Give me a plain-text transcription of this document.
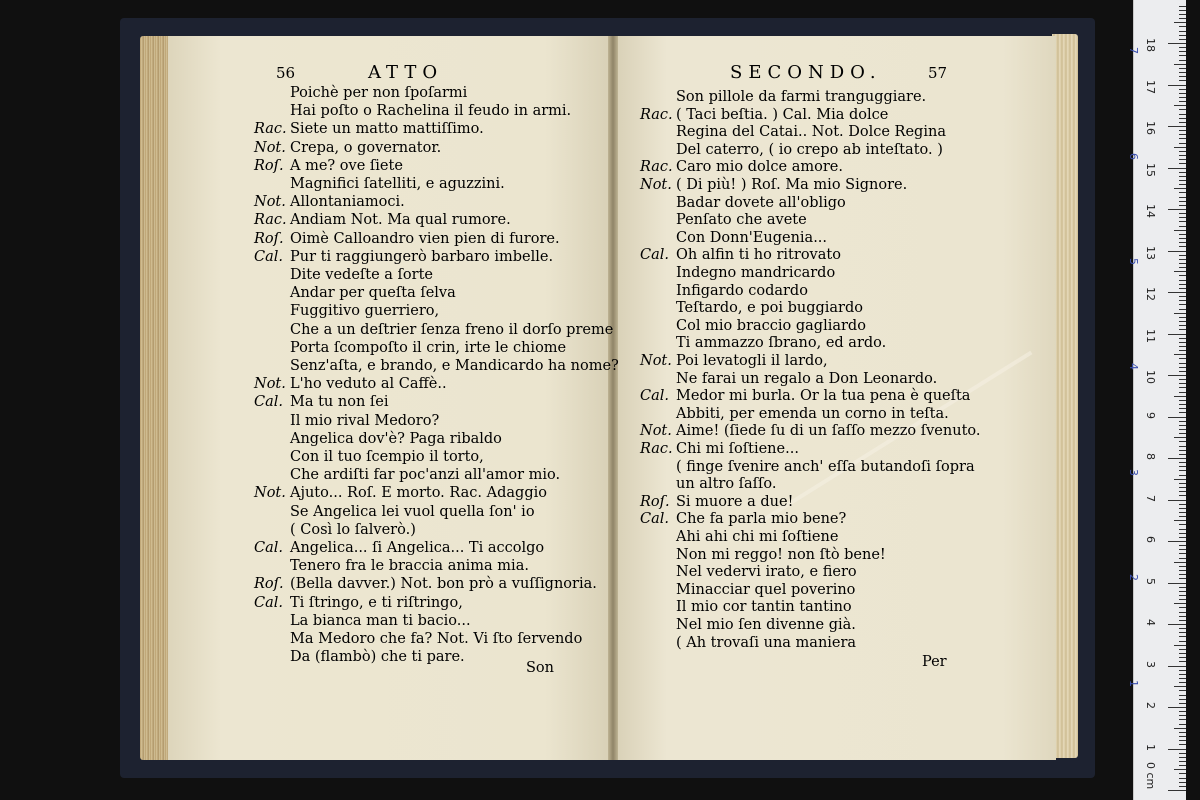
56	ATTO	SECONDO.	57
Poichè per non ſpoſarmi
Hai poſto o Rachelina il feudo in armi.
Rac. Siete un matto mattiſſimo.
Not. Crepa, o governator.
Roſ. A me? ove ſiete
Magnifici ſatelliti, e aguzzini.
Not. Allontaniamoci.
Rac. Andiam Not. Ma qual rumore.
Roſ. Oimè Calloandro vien pien di furore.
Cal. Pur ti raggiungerò barbaro imbelle.
Dite vedeſte a ſorte
Andar per queſta ſelva
Fuggitivo guerriero,
Che a un deſtrier ſenza freno il dorſo preme
Porta ſcompoſto il crin, irte le chiome
Senz'aſta, e brando, e Mandicardo ha nome?
Not. L'ho veduto al Caffè..
Cal. Ma tu non ſei
Il mio rival Medoro?
Angelica dov'è? Paga ribaldo
Con il tuo ſcempio il torto,
Che ardiſti far poc'anzi all'amor mio.
Not. Ajuto... Roſ. E morto. Rac. Adaggio
Se Angelica lei vuol quella ſon' io
( Così lo ſalverò.)
Cal. Angelica... ſi Angelica... Ti accolgo
Tenero fra le braccia anima mia.
Roſ. (Bella davver.) Not. bon prò a vuſſignoria.
Cal. Ti ſtringo, e ti riſtringo,
La bianca man ti bacio...
Ma Medoro che fa? Not. Vi ſto ſervendo
Da (flambò) che ti pare.
Son pillole da farmi tranguggiare.
Rac. ( Taci beſtia. ) Cal. Mia dolce
Regina del Catai.. Not. Dolce Regina
Del caterro, ( io crepo ab inteſtato. )
Rac. Caro mio dolce amore.
Not. ( Di più! ) Roſ. Ma mio Signore.
Badar dovete all'obligo
Penſato che avete
Con Donn'Eugenia...
Cal. Oh alfin ti ho ritrovato
Indegno mandricardo
Infigardo codardo
Teſtardo, e poi buggiardo
Col mio braccio gagliardo
Ti ammazzo ſbrano, ed ardo.
Not. Poi levatogli il lardo,
Ne farai un regalo a Don Leonardo.
Cal. Medor mi burla. Or la tua pena è queſta
Abbiti, per emenda un corno in teſta.
Not. Aime! (ſiede ſu di un ſaſſo mezzo ſvenuto.
Rac. Chi mi ſoſtiene...
( finge ſvenire anch' eſſa butandoſi ſopra
un altro ſaſſo.
Roſ. Si muore a due!
Cal. Che fa parla mio bene?
Ahi ahi chi mi ſoſtiene
Non mi reggo! non ſtò bene!
Nel vedervi irato, e fiero
Minacciar quel poverino
Il mio cor tantin tantino
Nel mio ſen divenne già.
( Ah trovaſi una maniera
Son	Per
0 cm
1
2
3
4
5
6
7
8
9
10
11
12
13
14
15
16
17
18
1
2
3
4
5
6
7
